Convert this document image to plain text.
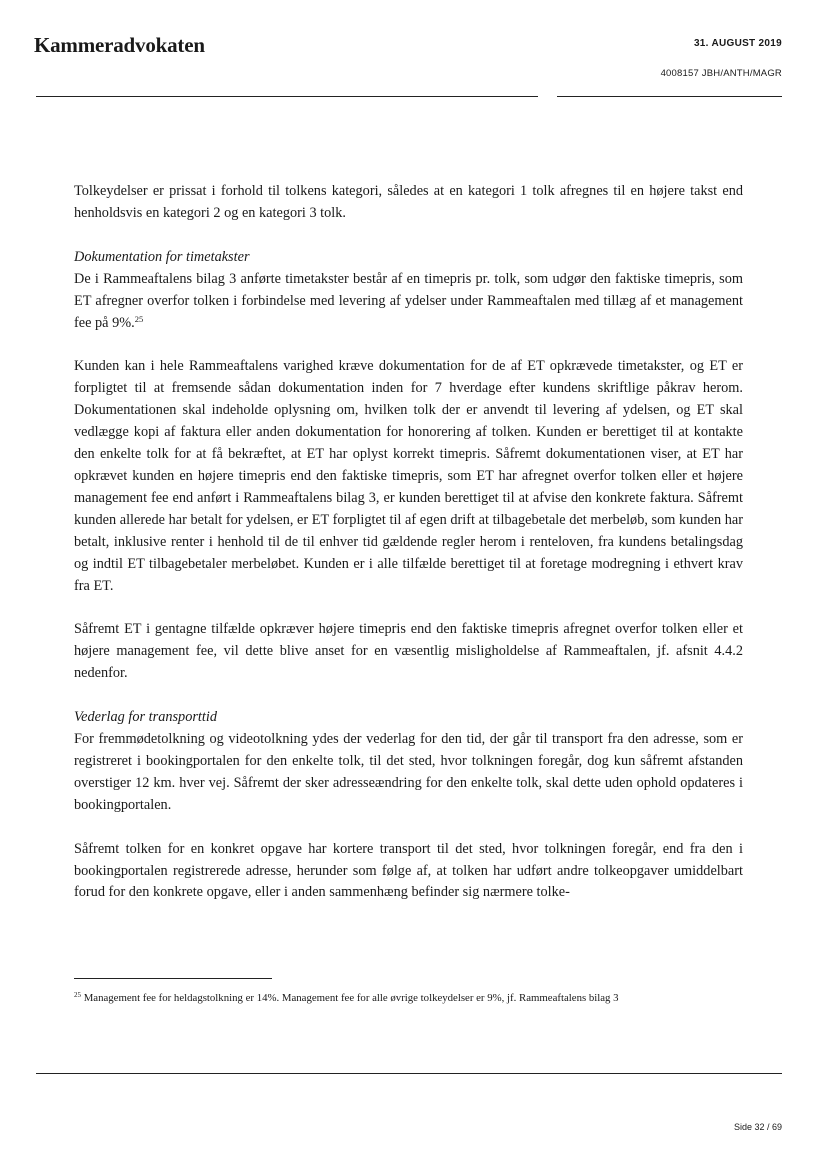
Kammeradvokaten	31. AUGUST 2019
4008157 JBH/ANTH/MAGR

Tolkeydelser er prissat i forhold til tolkens kategori, således at en kategori 1 tolk afregnes til en højere takst end henholdsvis en kategori 2 og en kategori 3 tolk.

Dokumentation for timetakster

De i Rammeaftalens bilag 3 anførte timetakster består af en timepris pr. tolk, som udgør den faktiske timepris, som ET afregner overfor tolken i forbindelse med levering af ydelser under Rammeaftalen med tillæg af et management fee på 9%.$^{25}$

Kunden kan i hele Rammeaftalens varighed kræve dokumentation for de af ET opkrævede timetakster, og ET er forpligtet til at fremsende sådan dokumentation inden for 7 hverdage efter kundens skriftlige påkrav herom. Dokumentationen skal indeholde oplysning om, hvilken tolk der er anvendt til levering af ydelsen, og ET skal vedlægge kopi af faktura eller anden dokumentation for honorering af tolken. Kunden er berettiget til at kontakte den enkelte tolk for at få bekræftet, at ET har oplyst korrekt timepris. Såfremt dokumentationen viser, at ET har opkrævet kunden en højere timepris end den faktiske timepris, som ET har afregnet overfor tolken eller et højere management fee end anført i Rammeaftalens bilag 3, er kunden berettiget til at afvise den konkrete faktura. Såfremt kunden allerede har betalt for ydelsen, er ET forpligtet til af egen drift at tilbagebetale det merbeløb, som kunden har betalt, inklusive renter i henhold til de til enhver tid gældende regler herom i renteloven, fra kundens betalingsdag og indtil ET tilbagebetaler merbeløbet. Kunden er i alle tilfælde berettiget til at foretage modregning i ethvert krav fra ET.

Såfremt ET i gentagne tilfælde opkræver højere timepris end den faktiske timepris afregnet overfor tolken eller et højere management fee, vil dette blive anset for en væsentlig misligholdelse af Rammeaftalen, jf. afsnit 4.4.2 nedenfor.

Vederlag for transporttid

For fremmødetolkning og videotolkning ydes der vederlag for den tid, der går til transport fra den adresse, som er registreret i bookingportalen for den enkelte tolk, til det sted, hvor tolkningen foregår, dog kun såfremt afstanden overstiger 12 km. hver vej. Såfremt der sker adresseændring for den enkelte tolk, skal dette uden ophold opdateres i bookingportalen.

Såfremt tolken for en konkret opgave har kortere transport til det sted, hvor tolkningen foregår, end fra den i bookingportalen registrerede adresse, herunder som følge af, at tolken har udført andre tolkeopgaver umiddelbart forud for den konkrete opgave, eller i anden sammenhæng befinder sig nærmere tolke-

$^{25}$ Management fee for heldagstolkning er 14%. Management fee for alle øvrige tolkeydelser er 9%, jf. Rammeaftalens bilag 3
Side 32 / 69
